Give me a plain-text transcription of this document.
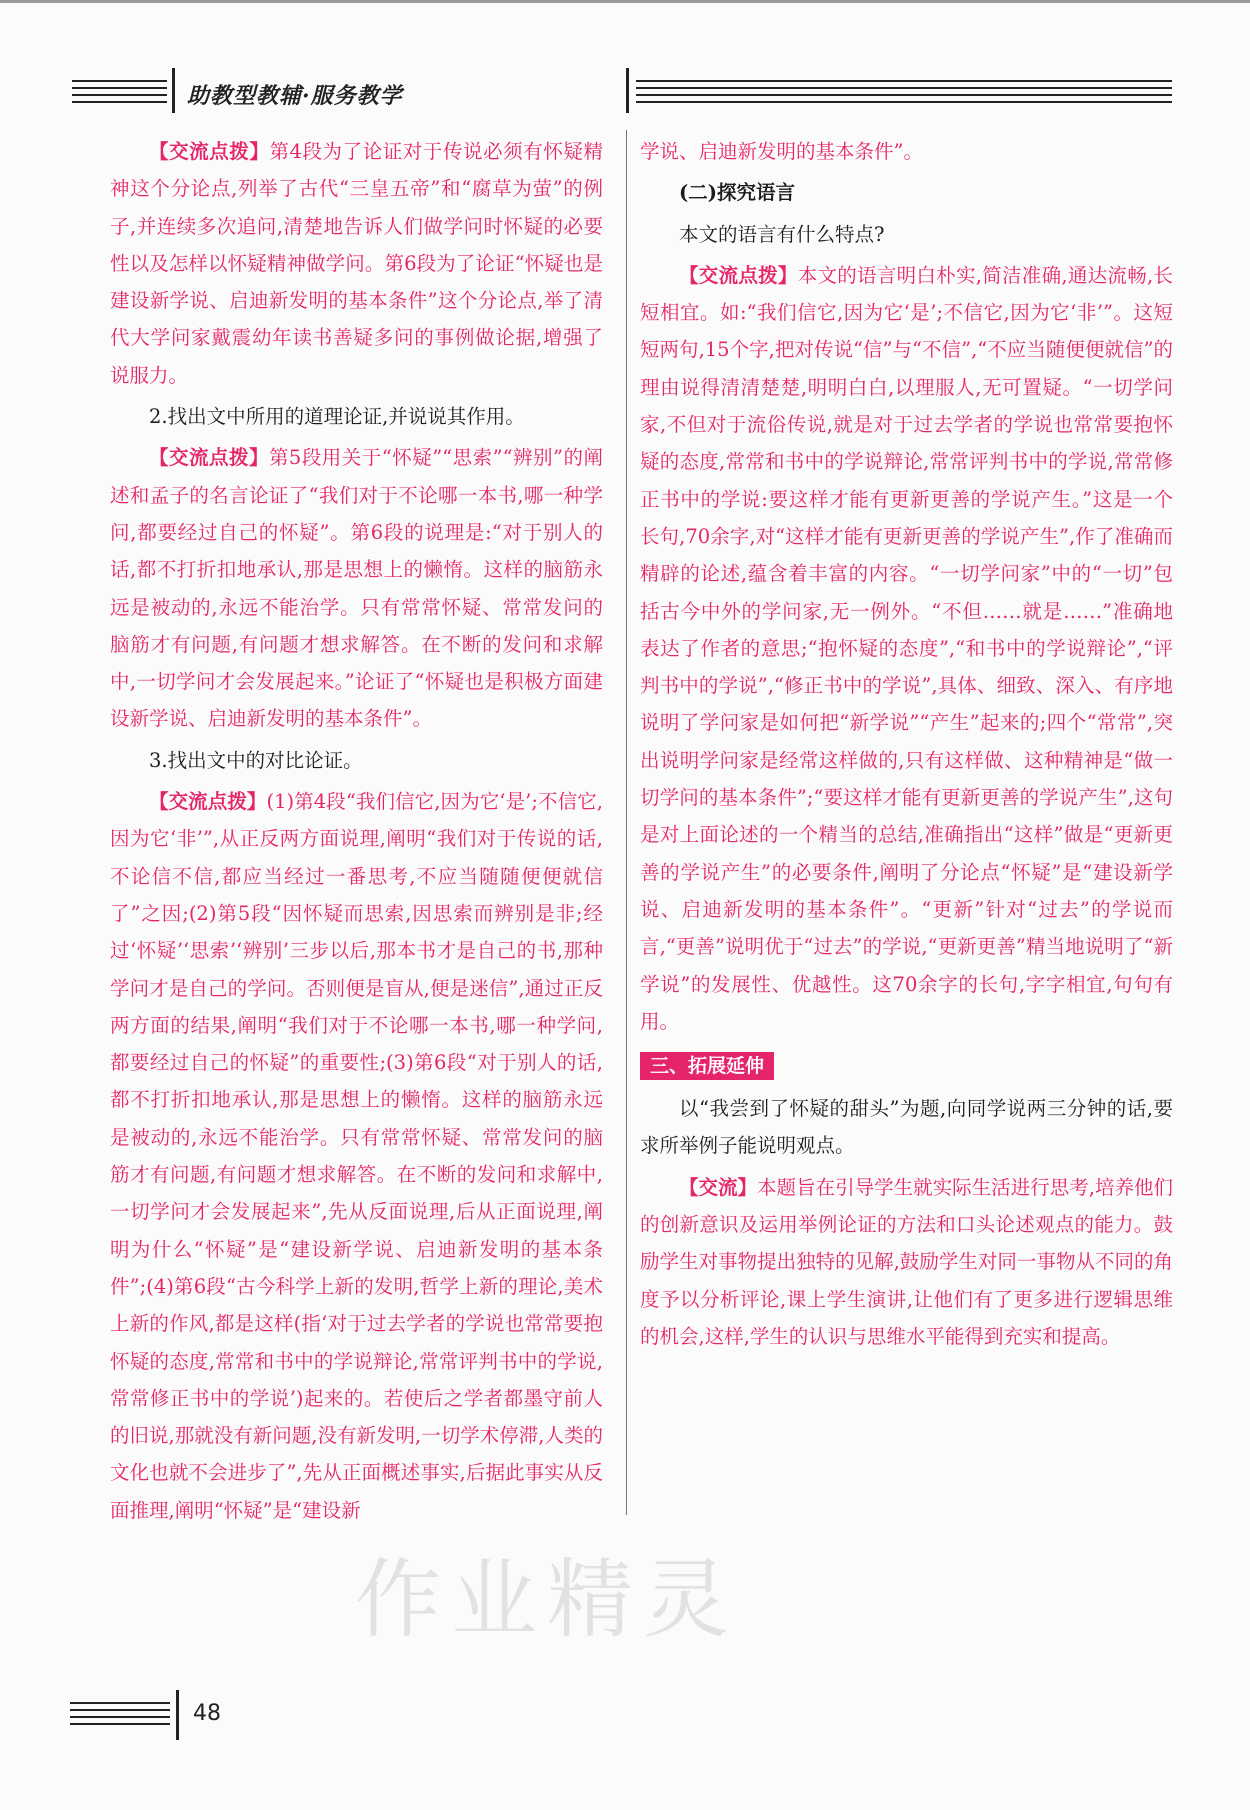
助教型教辅·服务教学

【交流点拨】第4段为了论证对于传说必须有怀疑精神这个分论点,列举了古代“三皇五帝”和“腐草为萤”的例子,并连续多次追问,清楚地告诉人们做学问时怀疑的必要性以及怎样以怀疑精神做学问。第6段为了论证“怀疑也是建设新学说、启迪新发明的基本条件”这个分论点,举了清代大学问家戴震幼年读书善疑多问的事例做论据,增强了说服力。

2.找出文中所用的道理论证,并说说其作用。

【交流点拨】第5段用关于“怀疑”“思索”“辨别”的阐述和孟子的名言论证了“我们对于不论哪一本书,哪一种学问,都要经过自己的怀疑”。第6段的说理是:“对于别人的话,都不打折扣地承认,那是思想上的懒惰。这样的脑筋永远是被动的,永远不能治学。只有常常怀疑、常常发问的脑筋才有问题,有问题才想求解答。在不断的发问和求解中,一切学问才会发展起来。”论证了“怀疑也是积极方面建设新学说、启迪新发明的基本条件”。

3.找出文中的对比论证。

【交流点拨】(1)第4段“我们信它,因为它‘是’;不信它,因为它‘非’”,从正反两方面说理,阐明“我们对于传说的话,不论信不信,都应当经过一番思考,不应当随随便便就信了”之因;(2)第5段“因怀疑而思索,因思索而辨别是非;经过‘怀疑’‘思索’‘辨别’三步以后,那本书才是自己的书,那种学问才是自己的学问。否则便是盲从,便是迷信”,通过正反两方面的结果,阐明“我们对于不论哪一本书,哪一种学问,都要经过自己的怀疑”的重要性;(3)第6段“对于别人的话,都不打折扣地承认,那是思想上的懒惰。这样的脑筋永远是被动的,永远不能治学。只有常常怀疑、常常发问的脑筋才有问题,有问题才想求解答。在不断的发问和求解中,一切学问才会发展起来”,先从反面说理,后从正面说理,阐明为什么“怀疑”是“建设新学说、启迪新发明的基本条件”;(4)第6段“古今科学上新的发明,哲学上新的理论,美术上新的作风,都是这样(指‘对于过去学者的学说也常常要抱怀疑的态度,常常和书中的学说辩论,常常评判书中的学说,常常修正书中的学说’)起来的。若使后之学者都墨守前人的旧说,那就没有新问题,没有新发明,一切学术停滞,人类的文化也就不会进步了”,先从正面概述事实,后据此事实从反面推理,阐明“怀疑”是“建设新

学说、启迪新发明的基本条件”。

(二)探究语言

本文的语言有什么特点?

【交流点拨】本文的语言明白朴实,简洁准确,通达流畅,长短相宜。如:“我们信它,因为它‘是’;不信它,因为它‘非’”。这短短两句,15个字,把对传说“信”与“不信”,“不应当随便便就信”的理由说得清清楚楚,明明白白,以理服人,无可置疑。“一切学问家,不但对于流俗传说,就是对于过去学者的学说也常常要抱怀疑的态度,常常和书中的学说辩论,常常评判书中的学说,常常修正书中的学说:要这样才能有更新更善的学说产生。”这是一个长句,70余字,对“这样才能有更新更善的学说产生”,作了准确而精辟的论述,蕴含着丰富的内容。“一切学问家”中的“一切”包括古今中外的学问家,无一例外。“不但……就是……”准确地表达了作者的意思;“抱怀疑的态度”,“和书中的学说辩论”,“评判书中的学说”,“修正书中的学说”,具体、细致、深入、有序地说明了学问家是如何把“新学说”“产生”起来的;四个“常常”,突出说明学问家是经常这样做的,只有这样做、这种精神是“做一切学问的基本条件”;“要这样才能有更新更善的学说产生”,这句是对上面论述的一个精当的总结,准确指出“这样”做是“更新更善的学说产生”的必要条件,阐明了分论点“怀疑”是“建设新学说、启迪新发明的基本条件”。“更新”针对“过去”的学说而言,“更善”说明优于“过去”的学说,“更新更善”精当地说明了“新学说”的发展性、优越性。这70余字的长句,字字相宜,句句有用。

三、拓展延伸

以“我尝到了怀疑的甜头”为题,向同学说两三分钟的话,要求所举例子能说明观点。

【交流】本题旨在引导学生就实际生活进行思考,培养他们的创新意识及运用举例论证的方法和口头论述观点的能力。鼓励学生对事物提出独特的见解,鼓励学生对同一事物从不同的角度予以分析评论,课上学生演讲,让他们有了更多进行逻辑思维的机会,这样,学生的认识与思维水平能得到充实和提高。

作业精灵
48
